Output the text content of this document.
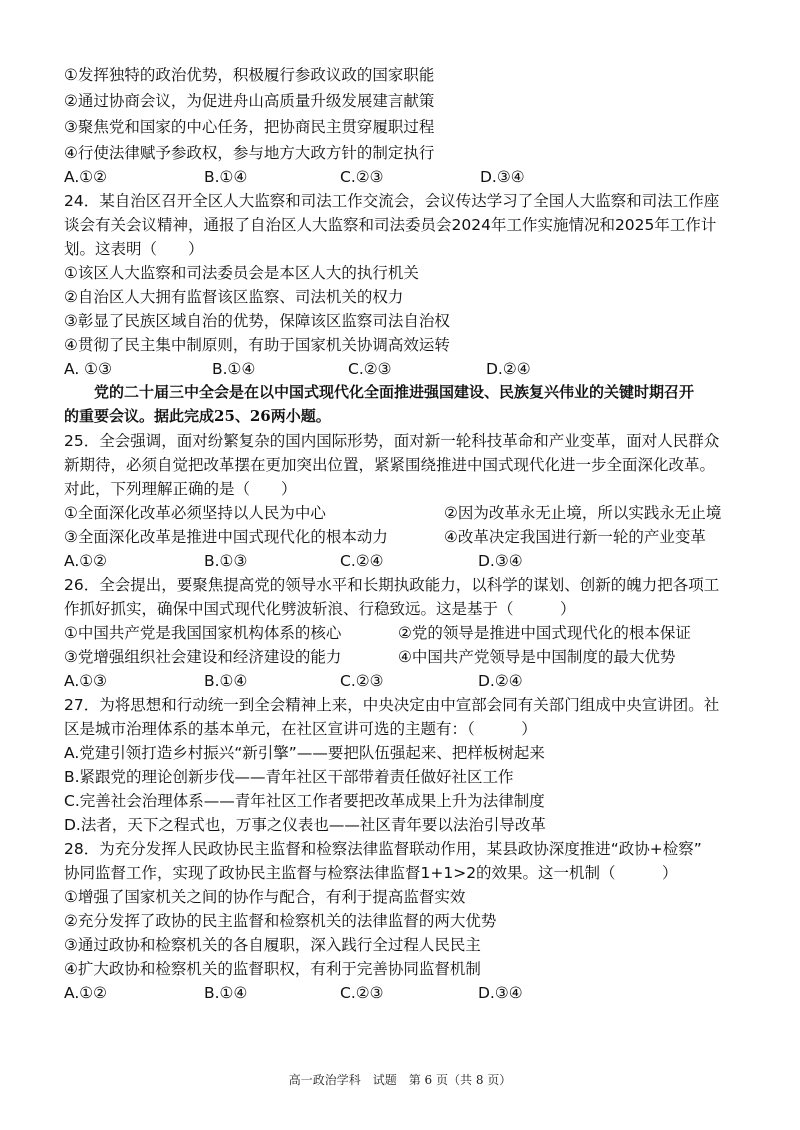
①发挥独特的政治优势，积极履行参政议政的国家职能
②通过协商会议，为促进舟山高质量升级发展建言献策
③聚焦党和国家的中心任务，把协商民主贯穿履职过程
④行使法律赋予参政权，参与地方大政方针的制定执行
A.①②	B.①④	C.②③	D.③④
24．某自治区召开全区人大监察和司法工作交流会，会议传达学习了全国人大监察和司法工作座
谈会有关会议精神，通报了自治区人大监察和司法委员会2024年工作实施情况和2025年工作计
划。这表明（　　）
①该区人大监察和司法委员会是本区人大的执行机关
②自治区人大拥有监督该区监察、司法机关的权力
③彰显了民族区域自治的优势，保障该区监察司法自治权
④贯彻了民主集中制原则，有助于国家机关协调高效运转
A. ①③	B.①④	C.②③	D.②④
党的二十届三中全会是在以中国式现代化全面推进强国建设、民族复兴伟业的关键时期召开
的重要会议。据此完成25、26两小题。
25．全会强调，面对纷繁复杂的国内国际形势，面对新一轮科技革命和产业变革，面对人民群众
新期待，必须自觉把改革摆在更加突出位置，紧紧围绕推进中国式现代化进一步全面深化改革。
对此，下列理解正确的是（　　）
①全面深化改革必须坚持以人民为中心	②因为改革永无止境，所以实践永无止境
③全面深化改革是推进中国式现代化的根本动力	④改革决定我国进行新一轮的产业变革
A.①②	B.①③	C.②④	D.③④
26．全会提出，要聚焦提高党的领导水平和长期执政能力，以科学的谋划、创新的魄力把各项工
作抓好抓实，确保中国式现代化劈波斩浪、行稳致远。这是基于（　　　）
①中国共产党是我国国家机构体系的核心	②党的领导是推进中国式现代化的根本保证
③党增强组织社会建设和经济建设的能力	④中国共产党领导是中国制度的最大优势
A.①③	B.①④	C.②③	D.②④
27．为将思想和行动统一到全会精神上来，中央决定由中宣部会同有关部门组成中央宣讲团。社
区是城市治理体系的基本单元，在社区宣讲可选的主题有：（　　　）
A.党建引领打造乡村振兴“新引擎”——要把队伍强起来、把样板树起来
B.紧跟党的理论创新步伐——青年社区干部带着责任做好社区工作
C.完善社会治理体系——青年社区工作者要把改革成果上升为法律制度
D.法者，天下之程式也，万事之仪表也——社区青年要以法治引导改革
28．为充分发挥人民政协民主监督和检察法律监督联动作用，某县政协深度推进“政协+检察”
协同监督工作，实现了政协民主监督与检察法律监督1+1>2的效果。这一机制（　　　）
①增强了国家机关之间的协作与配合，有利于提高监督实效
②充分发挥了政协的民主监督和检察机关的法律监督的两大优势
③通过政协和检察机关的各自履职，深入践行全过程人民民主
④扩大政协和检察机关的监督职权，有利于完善协同监督机制
A.①②	B.①④	C.②③	D.③④
高一政治学科　试题　第 6 页（共 8 页）
